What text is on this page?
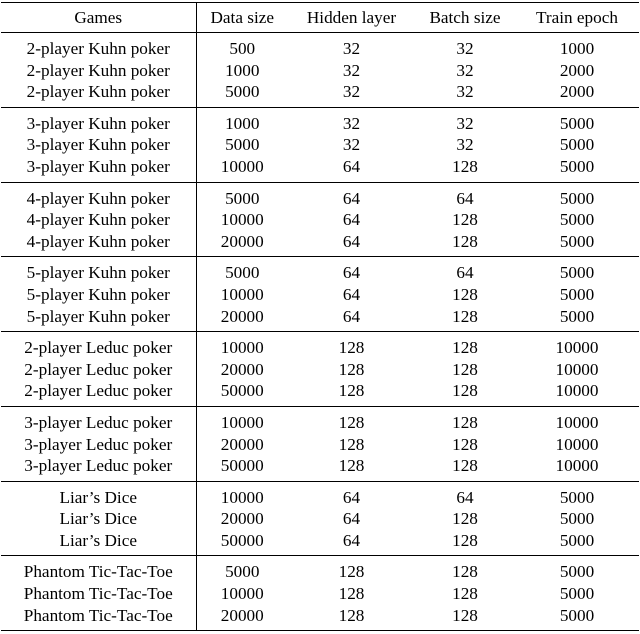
Games	Data size	Hidden layer	Batch size	Train epoch
2-player Kuhn poker	500	32	32	1000
2-player Kuhn poker	1000	32	32	2000
2-player Kuhn poker	5000	32	32	2000
3-player Kuhn poker	1000	32	32	5000
3-player Kuhn poker	5000	32	32	5000
3-player Kuhn poker	10000	64	128	5000
4-player Kuhn poker	5000	64	64	5000
4-player Kuhn poker	10000	64	128	5000
4-player Kuhn poker	20000	64	128	5000
5-player Kuhn poker	5000	64	64	5000
5-player Kuhn poker	10000	64	128	5000
5-player Kuhn poker	20000	64	128	5000
2-player Leduc poker	10000	128	128	10000
2-player Leduc poker	20000	128	128	10000
2-player Leduc poker	50000	128	128	10000
3-player Leduc poker	10000	128	128	10000
3-player Leduc poker	20000	128	128	10000
3-player Leduc poker	50000	128	128	10000
Liar’s Dice	10000	64	64	5000
Liar’s Dice	20000	64	128	5000
Liar’s Dice	50000	64	128	5000
Phantom Tic-Tac-Toe	5000	128	128	5000
Phantom Tic-Tac-Toe	10000	128	128	5000
Phantom Tic-Tac-Toe	20000	128	128	5000
